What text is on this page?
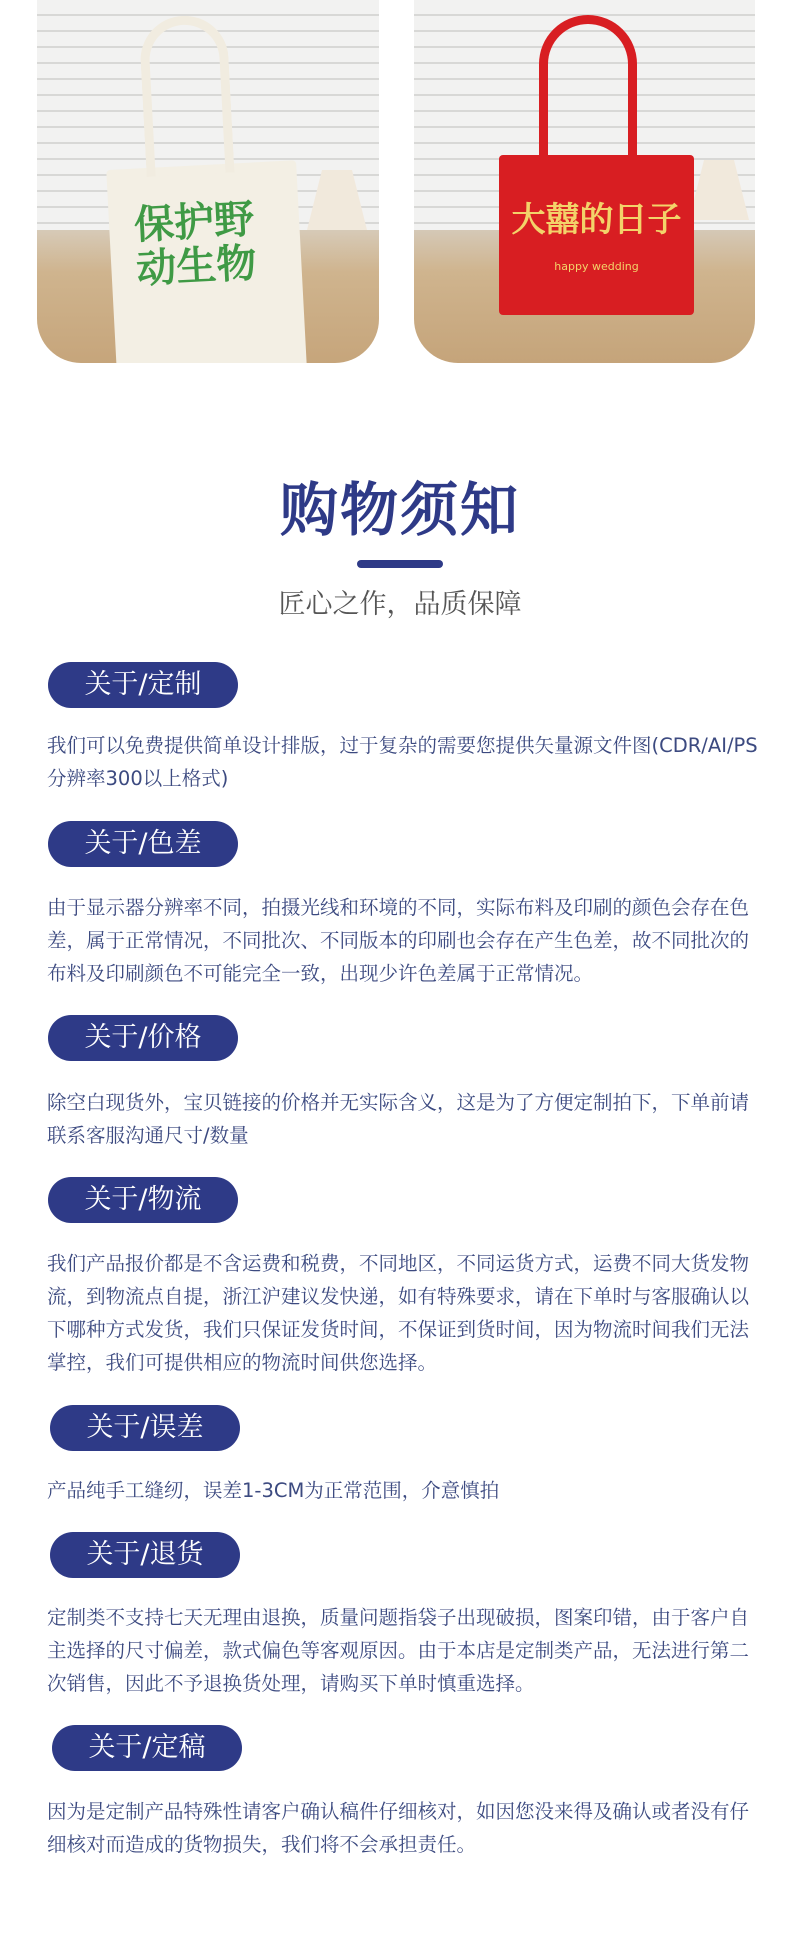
保护野动生物
大囍的日子
happy wedding
购物须知
匠心之作，品质保障
关于/定制
我们可以免费提供简单设计排版，过于复杂的需要您提供矢量源文件图(CDR/AI/PS分辨率300以上格式)
关于/色差
由于显示器分辨率不同，拍摄光线和环境的不同，实际布料及印刷的颜色会存在色差，属于正常情况，不同批次、不同版本的印刷也会存在产生色差，故不同批次的布料及印刷颜色不可能完全一致，出现少许色差属于正常情况。
关于/价格
除空白现货外，宝贝链接的价格并无实际含义，这是为了方便定制拍下，下单前请联系客服沟通尺寸/数量
关于/物流
我们产品报价都是不含运费和税费，不同地区，不同运货方式，运费不同大货发物流，到物流点自提，浙江沪建议发快递，如有特殊要求，请在下单时与客服确认以下哪种方式发货，我们只保证发货时间，不保证到货时间，因为物流时间我们无法掌控，我们可提供相应的物流时间供您选择。
关于/误差
产品纯手工缝纫，误差1-3CM为正常范围，介意慎拍
关于/退货
定制类不支持七天无理由退换，质量问题指袋子出现破损，图案印错，由于客户自主选择的尺寸偏差，款式偏色等客观原因。由于本店是定制类产品，无法进行第二次销售，因此不予退换货处理，请购买下单时慎重选择。
关于/定稿
因为是定制产品特殊性请客户确认稿件仔细核对，如因您没来得及确认或者没有仔细核对而造成的货物损失，我们将不会承担责任。
